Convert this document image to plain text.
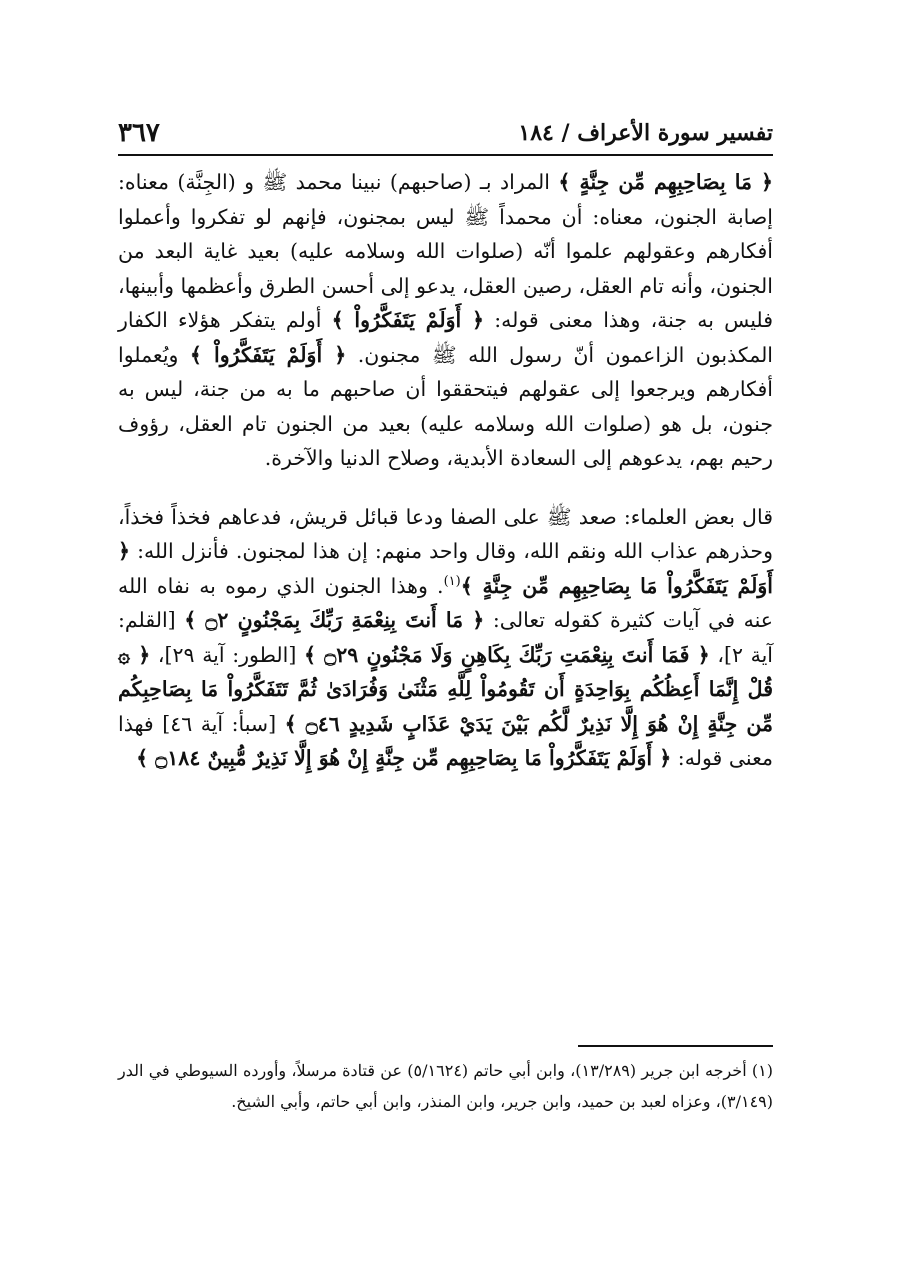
تفسير سورة الأعراف / ١٨٤
٣٦٧

﴿ مَا بِصَاحِبِهِم مِّن جِنَّةٍ ﴾ المراد بـ (صاحبهم) نبينا محمد ﷺ و (الجِنَّة) معناه: إصابة الجنون، معناه: أن محمداً ﷺ ليس بمجنون، فإنهم لو تفكروا وأعملوا أفكارهم وعقولهم علموا أنّه (صلوات الله وسلامه عليه) بعيد غاية البعد من الجنون، وأنه تام العقل، رصين العقل، يدعو إلى أحسن الطرق وأعظمها وأبينها، فليس به جنة، وهذا معنى قوله: ﴿ أَوَلَمْ يَتَفَكَّرُواْ ﴾ أولم يتفكر هؤلاء الكفار المكذبون الزاعمون أنّ رسول الله ﷺ مجنون. ﴿ أَوَلَمْ يَتَفَكَّرُواْ ﴾ ويُعملوا أفكارهم ويرجعوا إلى عقولهم فيتحققوا أن صاحبهم ما به من جنة، ليس به جنون، بل هو (صلوات الله وسلامه عليه) بعيد من الجنون تام العقل، رؤوف رحيم بهم، يدعوهم إلى السعادة الأبدية، وصلاح الدنيا والآخرة.

قال بعض العلماء: صعد ﷺ على الصفا ودعا قبائل قريش، فدعاهم فخذاً فخذاً، وحذرهم عذاب الله ونقم الله، وقال واحد منهم: إن هذا لمجنون. فأنزل الله: ﴿ أَوَلَمْ يَتَفَكَّرُواْ مَا بِصَاحِبِهِم مِّن جِنَّةٍ ﴾$^{(١)}$. وهذا الجنون الذي رموه به نفاه الله عنه في آيات كثيرة كقوله تعالى: ﴿ مَا أَنتَ بِنِعْمَةِ رَبِّكَ بِمَجْنُونٍ ۝٢ ﴾ [القلم: آية ٢]، ﴿ فَمَا أَنتَ بِنِعْمَتِ رَبِّكَ بِكَاهِنٍ وَلَا مَجْنُونٍ ۝٢٩ ﴾ [الطور: آية ٢٩]، ﴿ ۞ قُلْ إِنَّمَا أَعِظُكُم بِوَاحِدَةٍ أَن تَقُومُواْ لِلَّهِ مَثْنَىٰ وَفُرَادَىٰ ثُمَّ تَتَفَكَّرُواْ مَا بِصَاحِبِكُم مِّن جِنَّةٍ إِنْ هُوَ إِلَّا نَذِيرٌ لَّكُم بَيْنَ يَدَيْ عَذَابٍ شَدِيدٍ ۝٤٦ ﴾ [سبأ: آية ٤٦] فهذا معنى قوله: ﴿ أَوَلَمْ يَتَفَكَّرُواْ مَا بِصَاحِبِهِم مِّن جِنَّةٍ إِنْ هُوَ إِلَّا نَذِيرٌ مُّبِينٌ ۝١٨٤ ﴾

(١) أخرجه ابن جرير (١٣/٢٨٩)، وابن أبي حاتم (٥/١٦٢٤) عن قتادة مرسلاً، وأورده السيوطي في الدر (٣/١٤٩)، وعزاه لعبد بن حميد، وابن جرير، وابن المنذر، وابن أبي حاتم، وأبي الشيخ.
